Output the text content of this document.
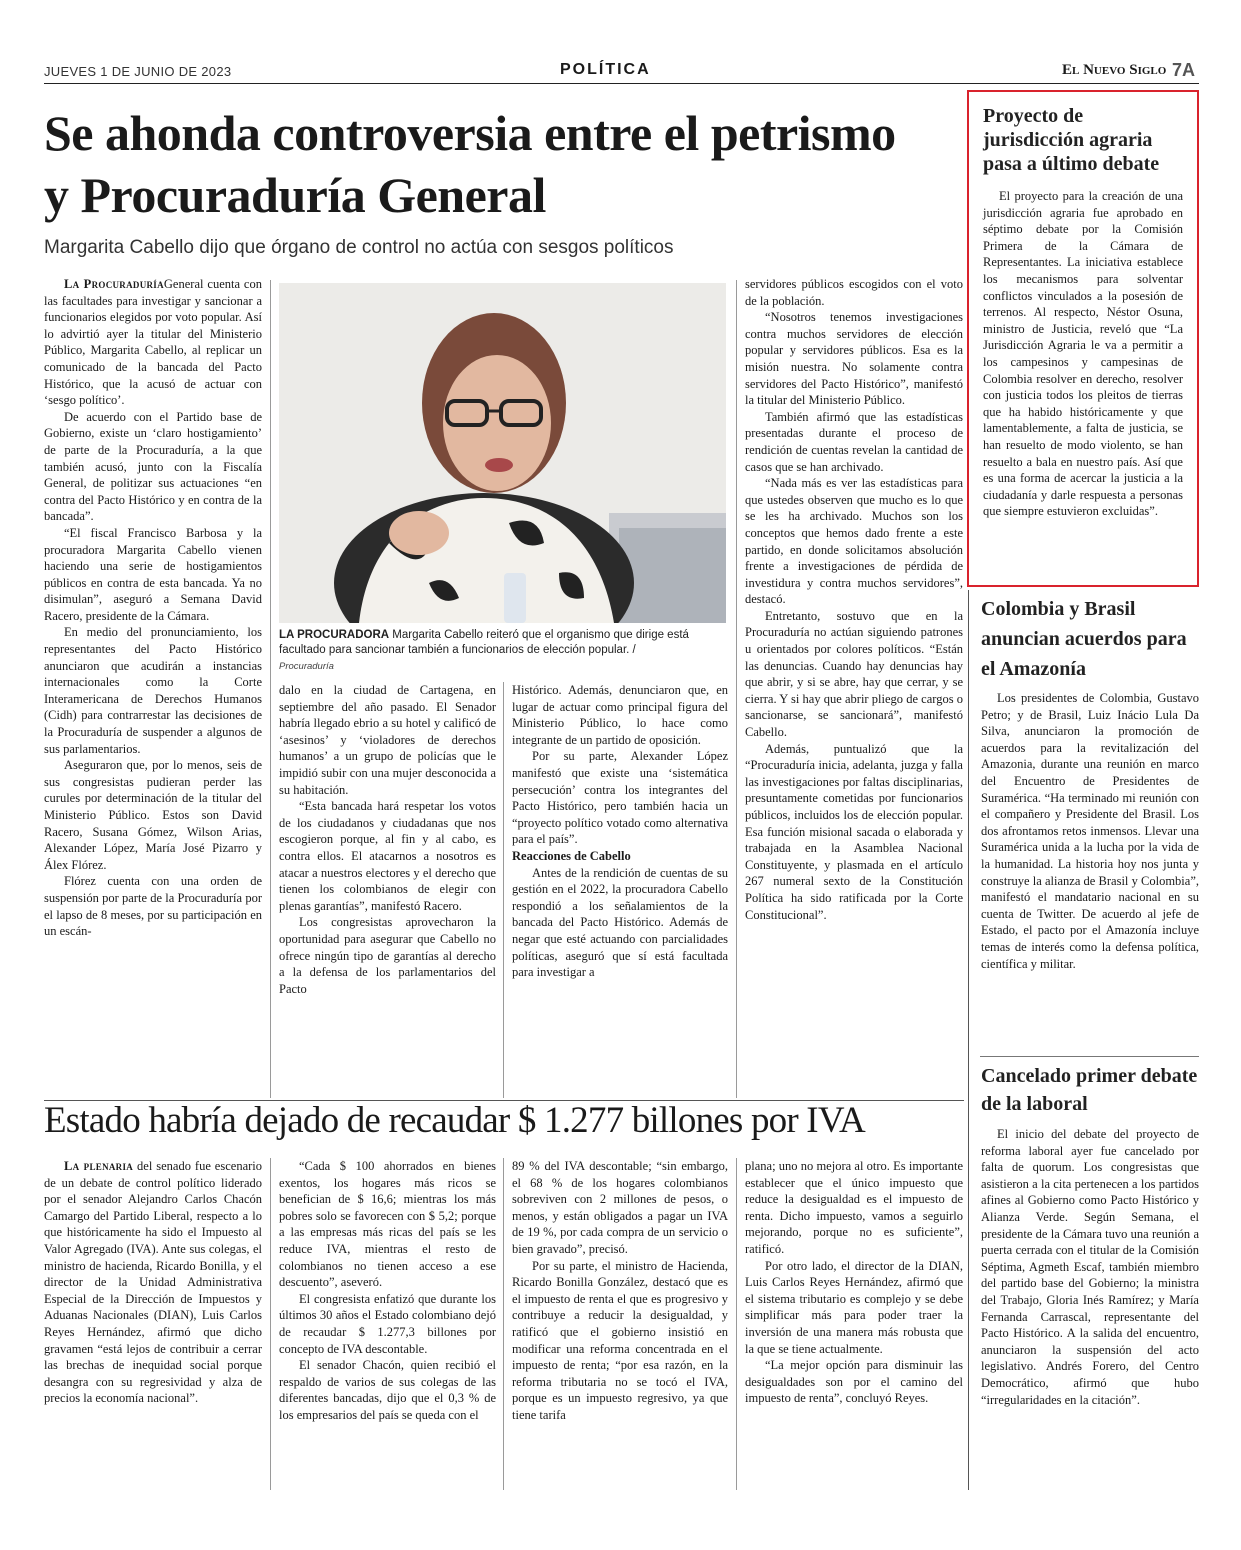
JUEVES 1 DE JUNIO DE 2023	POLÍTICA	El Nuevo Siglo 7A
Se ahonda controversia entre el petrismo y Procuraduría General
Margarita Cabello dijo que órgano de control no actúa con sesgos políticos

La ProcuraduríaGeneral cuenta con las facultades para investigar y sancionar a funcionarios elegidos por voto popular. Así lo advirtió ayer la titular del Ministerio Público, Margarita Cabello, al replicar un comunicado de la bancada del Pacto Histórico, que la acusó de actuar con ‘sesgo político’.

De acuerdo con el Partido base de Gobierno, existe un ‘claro hostigamiento’ de parte de la Procuraduría, a la que también acusó, junto con la Fiscalía General, de politizar sus actuaciones “en contra del Pacto Histórico y en contra de la bancada”.

“El fiscal Francisco Barbosa y la procuradora Margarita Cabello vienen haciendo una serie de hostigamientos públicos en contra de esta bancada. Ya no disimulan”, aseguró a Semana David Racero, presidente de la Cámara.

En medio del pronunciamiento, los representantes del Pacto Histórico anunciaron que acudirán a instancias internacionales como la Corte Interamericana de Derechos Humanos (Cidh) para contrarrestar las decisiones de la Procuraduría de suspender a algunos de sus parlamentarios.

Aseguraron que, por lo menos, seis de sus congresistas pudieran perder las curules por determinación de la titular del Ministerio Público. Estos son David Racero, Susana Gómez, Wilson Arias, Alexander López, María José Pizarro y Álex Flórez.

Flórez cuenta con una orden de suspensión por parte de la Procuraduría por el lapso de 8 meses, por su participación en un escán-

LA PROCURADORA Margarita Cabello reiteró que el organismo que dirige está facultado para sancionar también a funcionarios de elección popular. /
Procuraduría

dalo en la ciudad de Cartagena, en septiembre del año pasado. El Senador habría llegado ebrio a su hotel y calificó de ‘asesinos’ y ‘violadores de derechos humanos’ a un grupo de policías que le impidió subir con una mujer desconocida a su habitación.

“Esta bancada hará respetar los votos de los ciudadanos y ciudadanas que nos escogieron porque, al fin y al cabo, es contra ellos. El atacarnos a nosotros es atacar a nuestros electores y el derecho que tienen los colombianos de elegir con plenas garantías”, manifestó Racero.

Los congresistas aprovecharon la oportunidad para asegurar que Cabello no ofrece ningún tipo de garantías al derecho a la defensa de los parlamentarios del Pacto

Histórico. Además, denunciaron que, en lugar de actuar como principal figura del Ministerio Público, lo hace como integrante de un partido de oposición.

Por su parte, Alexander López manifestó que existe una ‘sistemática persecución’ contra los integrantes del Pacto Histórico, pero también hacia un “proyecto político votado como alternativa para el país”.

Reacciones de Cabello

Antes de la rendición de cuentas de su gestión en el 2022, la procuradora Cabello respondió a los señalamientos de la bancada del Pacto Histórico. Además de negar que esté actuando con parcialidades políticas, aseguró que sí está facultada para investigar a

servidores públicos escogidos con el voto de la población.

“Nosotros tenemos investigaciones contra muchos servidores de elección popular y servidores públicos. Esa es la misión nuestra. No solamente contra servidores del Pacto Histórico”, manifestó la titular del Ministerio Público.

También afirmó que las estadísticas presentadas durante el proceso de rendición de cuentas revelan la cantidad de casos que se han archivado.

“Nada más es ver las estadísticas para que ustedes observen que mucho es lo que se les ha archivado. Muchos son los conceptos que hemos dado frente a este partido, en donde solicitamos absolución frente a investigaciones de pérdida de investidura y contra muchos servidores”, destacó.

Entretanto, sostuvo que en la Procuraduría no actúan siguiendo patrones u orientados por colores políticos. “Están las denuncias. Cuando hay denuncias hay que abrir, y si se abre, hay que cerrar, y se cierra. Y si hay que abrir pliego de cargos o sancionarse, se sancionará”, manifestó Cabello.

Además, puntualizó que la “Procuraduría inicia, adelanta, juzga y falla las investigaciones por faltas disciplinarias, presuntamente cometidas por funcionarios públicos, incluidos los de elección popular. Esa función misional sacada o elaborada y trabajada en la Asamblea Nacional Constituyente, y plasmada en el artículo 267 numeral sexto de la Constitución Política ha sido ratificada por la Corte Constitucional”.

Estado habría dejado de recaudar $ 1.277 billones por IVA

La plenaria del senado fue escenario de un debate de control político liderado por el senador Alejandro Carlos Chacón Camargo del Partido Liberal, respecto a lo que históricamente ha sido el Impuesto al Valor Agregado (IVA). Ante sus colegas, el ministro de hacienda, Ricardo Bonilla, y el director de la Unidad Administrativa Especial de la Dirección de Impuestos y Aduanas Nacionales (DIAN), Luis Carlos Reyes Hernández, afirmó que dicho gravamen “está lejos de contribuir a cerrar las brechas de inequidad social porque desangra con su regresividad y alza de precios la economía nacional”.

“Cada $ 100 ahorrados en bienes exentos, los hogares más ricos se benefician de $ 16,6; mientras los más pobres solo se favorecen con $ 5,2; porque a las empresas más ricas del país se les reduce IVA, mientras el resto de colombianos no tienen acceso a ese descuento”, aseveró.

El congresista enfatizó que durante los últimos 30 años el Estado colombiano dejó de recaudar $ 1.277,3 billones por concepto de IVA descontable.

El senador Chacón, quien recibió el respaldo de varios de sus colegas de las diferentes bancadas, dijo que el 0,3 % de los empresarios del país se queda con el

89 % del IVA descontable; “sin embargo, el 68 % de los hogares colombianos sobreviven con 2 millones de pesos, o menos, y están obligados a pagar un IVA de 19 %, por cada compra de un servicio o bien gravado”, precisó.

Por su parte, el ministro de Hacienda, Ricardo Bonilla González, destacó que es el impuesto de renta el que es progresivo y contribuye a reducir la desigualdad, y ratificó que el gobierno insistió en modificar una reforma concentrada en el impuesto de renta; “por esa razón, en la reforma tributaria no se tocó el IVA, porque es un impuesto regresivo, ya que tiene tarifa

plana; uno no mejora al otro. Es importante establecer que el único impuesto que reduce la desigualdad es el impuesto de renta. Dicho impuesto, vamos a seguirlo mejorando, porque no es suficiente”, ratificó.

Por otro lado, el director de la DIAN, Luis Carlos Reyes Hernández, afirmó que el sistema tributario es complejo y se debe simplificar más para poder traer la inversión de una manera más robusta que la que se tiene actualmente.

“La mejor opción para disminuir las desigualdades son por el camino del impuesto de renta”, concluyó Reyes.

Proyecto de jurisdicción agraria pasa a último debate

El proyecto para la creación de una jurisdicción agraria fue aprobado en séptimo debate por la Comisión Primera de la Cámara de Representantes. La iniciativa establece los mecanismos para solventar conflictos vinculados a la posesión de terrenos. Al respecto, Néstor Osuna, ministro de Justicia, reveló que “La Jurisdicción Agraria le va a permitir a los campesinos y campesinas de Colombia resolver en derecho, resolver con justicia todos los pleitos de tierras que ha habido históricamente y que lamentablemente, a falta de justicia, se han resuelto de modo violento, se han resuelto a bala en nuestro país. Así que es una forma de acercar la justicia a la ciudadanía y darle respuesta a personas que siempre estuvieron excluidas”.

Colombia y Brasil anuncian acuerdos para el Amazonía

Los presidentes de Colombia, Gustavo Petro; y de Brasil, Luiz Inácio Lula Da Silva, anunciaron la promoción de acuerdos para la revitalización del Amazonia, durante una reunión en marco del Encuentro de Presidentes de Suramérica. “Ha terminado mi reunión con el compañero y Presidente del Brasil. Los dos afrontamos retos inmensos. Llevar una Suramérica unida a la lucha por la vida de la humanidad. La historia hoy nos junta y construye la alianza de Brasil y Colombia”, manifestó el mandatario nacional en su cuenta de Twitter. De acuerdo al jefe de Estado, el pacto por el Amazonía incluye temas de interés como la defensa política, científica y militar.

Cancelado primer debate de la laboral

El inicio del debate del proyecto de reforma laboral ayer fue cancelado por falta de quorum. Los congresistas que asistieron a la cita pertenecen a los partidos afines al Gobierno como Pacto Histórico y Alianza Verde. Según Semana, el presidente de la Cámara tuvo una reunión a puerta cerrada con el titular de la Comisión Séptima, Agmeth Escaf, también miembro del partido base del Gobierno; la ministra del Trabajo, Gloria Inés Ramírez; y María Fernanda Carrascal, representante del Pacto Histórico. A la salida del encuentro, anunciaron la suspensión del acto legislativo. Andrés Forero, del Centro Democrático, afirmó que hubo “irregularidades en la citación”.
